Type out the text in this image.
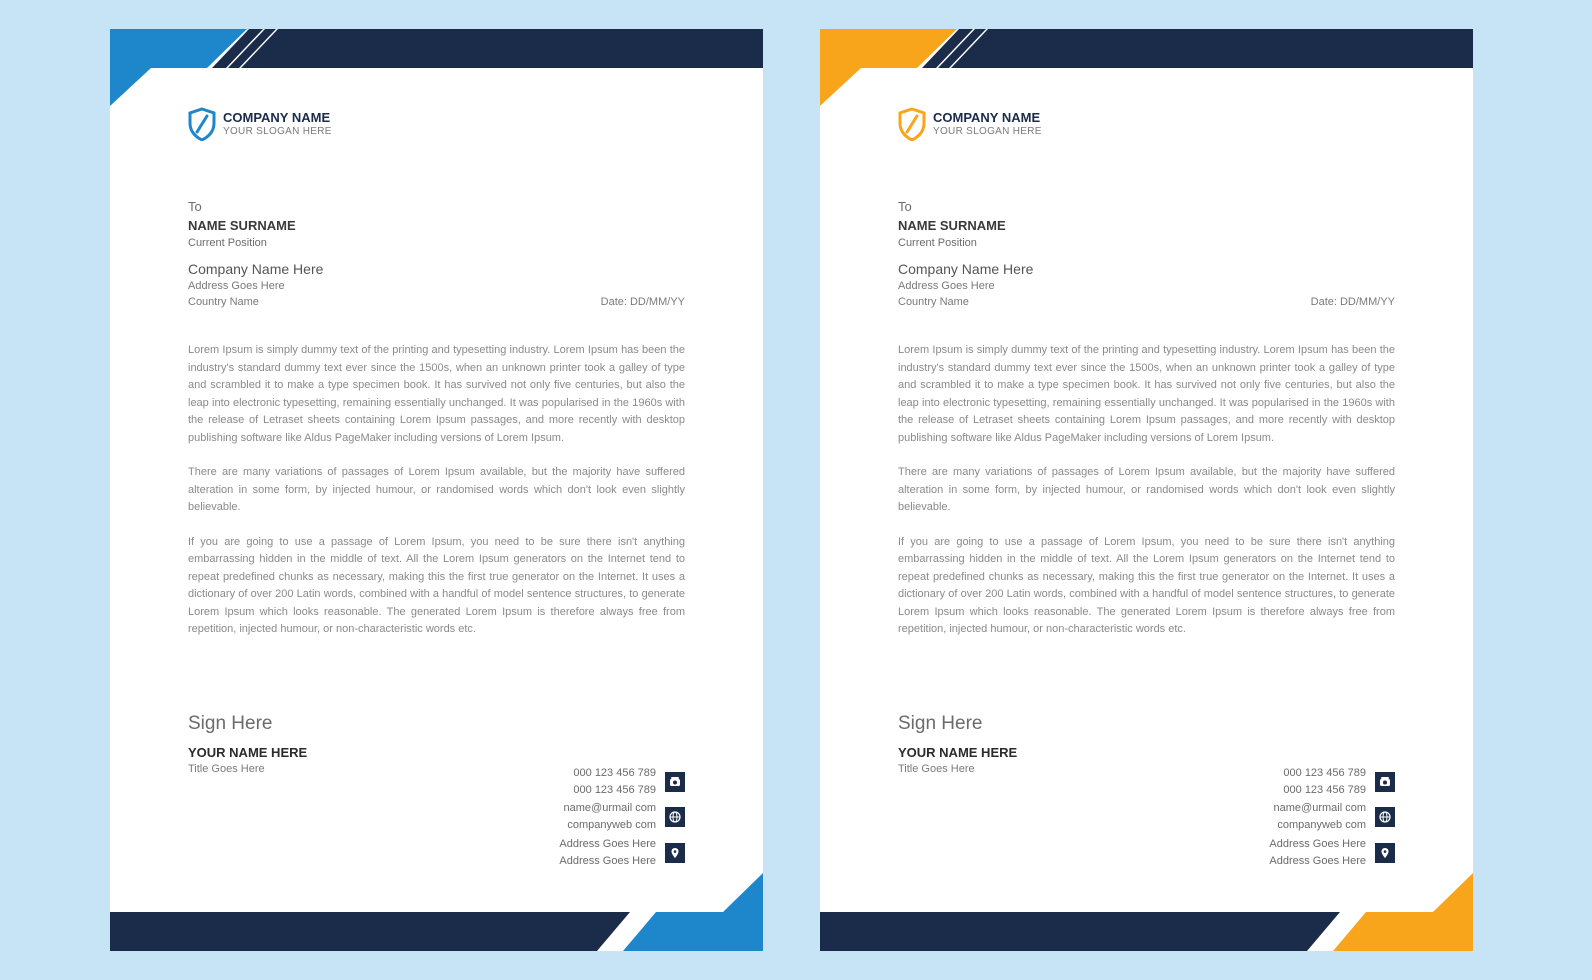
COMPANY NAME
YOUR SLOGAN HERE
To
NAME SURNAME
Current Position
Company Name Here
Address Goes Here
Country Name	Date: DD/MM/YY

Lorem Ipsum is simply dummy text of the printing and typesetting industry. Lorem Ipsum has been the industry's standard dummy text ever since the 1500s, when an unknown printer took a galley of type and scrambled it to make a type specimen book. It has survived not only five centuries, but also the leap into electronic typesetting, remaining essentially unchanged. It was popularised in the 1960s with the release of Letraset sheets containing Lorem Ipsum passages, and more recently with desktop publishing software like Aldus PageMaker including versions of Lorem Ipsum.

There are many variations of passages of Lorem Ipsum available, but the majority have suffered alteration in some form, by injected humour, or randomised words which don't look even slightly believable.

If you are going to use a passage of Lorem Ipsum, you need to be sure there isn't anything embarrassing hidden in the middle of text. All the Lorem Ipsum generators on the Internet tend to repeat predefined chunks as necessary, making this the first true generator on the Internet. It uses a dictionary of over 200 Latin words, combined with a handful of model sentence structures, to generate Lorem Ipsum which looks reasonable. The generated Lorem Ipsum is therefore always free from repetition, injected humour, or non-characteristic words etc.

Sign Here
YOUR NAME HERE
Title Goes Here	000 123 456 789
000 123 456 789
name@urmail com
companyweb com
Address Goes Here
Address Goes Here
COMPANY NAME
YOUR SLOGAN HERE
To
NAME SURNAME
Current Position
Company Name Here
Address Goes Here
Country Name	Date: DD/MM/YY

Lorem Ipsum is simply dummy text of the printing and typesetting industry. Lorem Ipsum has been the industry's standard dummy text ever since the 1500s, when an unknown printer took a galley of type and scrambled it to make a type specimen book. It has survived not only five centuries, but also the leap into electronic typesetting, remaining essentially unchanged. It was popularised in the 1960s with the release of Letraset sheets containing Lorem Ipsum passages, and more recently with desktop publishing software like Aldus PageMaker including versions of Lorem Ipsum.

There are many variations of passages of Lorem Ipsum available, but the majority have suffered alteration in some form, by injected humour, or randomised words which don't look even slightly believable.

If you are going to use a passage of Lorem Ipsum, you need to be sure there isn't anything embarrassing hidden in the middle of text. All the Lorem Ipsum generators on the Internet tend to repeat predefined chunks as necessary, making this the first true generator on the Internet. It uses a dictionary of over 200 Latin words, combined with a handful of model sentence structures, to generate Lorem Ipsum which looks reasonable. The generated Lorem Ipsum is therefore always free from repetition, injected humour, or non-characteristic words etc.

Sign Here
YOUR NAME HERE
Title Goes Here	000 123 456 789
000 123 456 789
name@urmail com
companyweb com
Address Goes Here
Address Goes Here
